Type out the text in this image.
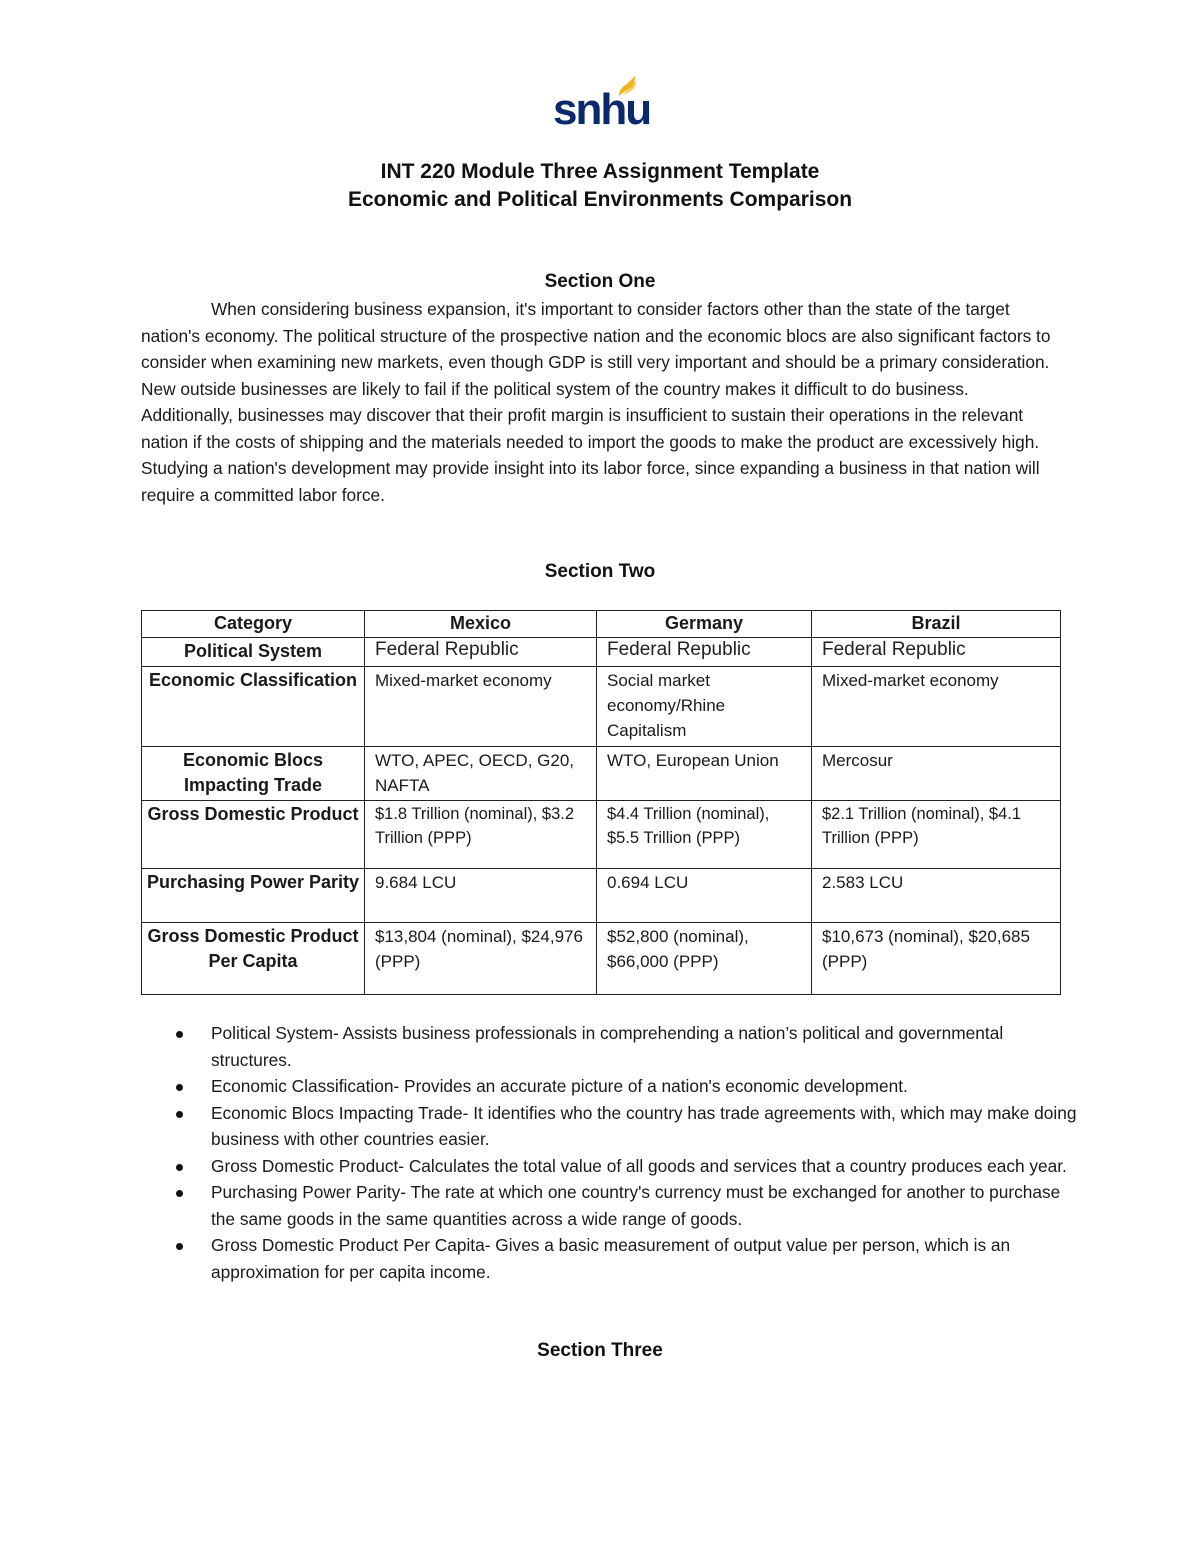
snhu
INT 220 Module Three Assignment Template
Economic and Political Environments Comparison
Section One

When considering business expansion, it's important to consider factors other than the state of the target nation's economy. The political structure of the prospective nation and the economic blocs are also significant factors to consider when examining new markets, even though GDP is still very important and should be a primary consideration. New outside businesses are likely to fail if the political system of the country makes it difficult to do business. Additionally, businesses may discover that their profit margin is insufficient to sustain their operations in the relevant nation if the costs of shipping and the materials needed to import the goods to make the product are excessively high. Studying a nation's development may provide insight into its labor force, since expanding a business in that nation will require a committed labor force.

Section Two
Category	Mexico	Germany	Brazil
Political System	Federal Republic	Federal Republic	Federal Republic
Economic Classification	Mixed-market economy	Social market economy/Rhine Capitalism	Mixed-market economy
Economic Blocs Impacting Trade	WTO, APEC, OECD, G20, NAFTA	WTO, European Union	Mercosur
Gross Domestic Product	$1.8 Trillion (nominal), $3.2 Trillion (PPP)	$4.4 Trillion (nominal), $5.5 Trillion (PPP)	$2.1 Trillion (nominal), $4.1 Trillion (PPP)
Purchasing Power Parity	9.684 LCU	0.694 LCU	2.583 LCU
Gross Domestic Product Per Capita	$13,804 (nominal), $24,976 (PPP)	$52,800 (nominal), $66,000 (PPP)	$10,673 (nominal), $20,685 (PPP)
Political System- Assists business professionals in comprehending a nation’s political and governmental structures.
Economic Classification- Provides an accurate picture of a nation's economic development.
Economic Blocs Impacting Trade- It identifies who the country has trade agreements with, which may make doing business with other countries easier.
Gross Domestic Product- Calculates the total value of all goods and services that a country produces each year.
Purchasing Power Parity- The rate at which one country's currency must be exchanged for another to purchase the same goods in the same quantities across a wide range of goods.
Gross Domestic Product Per Capita- Gives a basic measurement of output value per person, which is an approximation for per capita income.
Section Three
